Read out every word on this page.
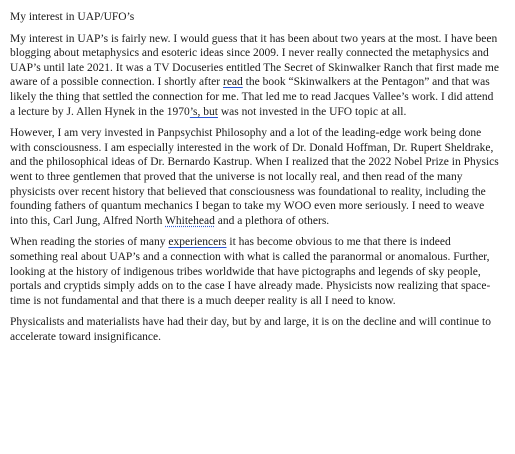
My interest in UAP/UFO’s

My interest in UAP’s is fairly new. I would guess that it has been about two years at the most. I have been blogging about metaphysics and esoteric ideas since 2009. I never really connected the metaphysics and UAP’s until late 2021. It was a TV Docuseries entitled The Secret of Skinwalker Ranch that first made me aware of a possible connection. I shortly after read the book “Skinwalkers at the Pentagon” and that was likely the thing that settled the connection for me. That led me to read Jacques Vallee’s work. I did attend a lecture by J. Allen Hynek in the 1970’s, but was not invested in the UFO topic at all.

However, I am very invested in Panpsychist Philosophy and a lot of the leading-edge work being done with consciousness. I am especially interested in the work of Dr. Donald Hoffman, Dr. Rupert Sheldrake, and the philosophical ideas of Dr. Bernardo Kastrup. When I realized that the 2022 Nobel Prize in Physics went to three gentlemen that proved that the universe is not locally real, and then read of the many physicists over recent history that believed that consciousness was foundational to reality, including the founding fathers of quantum mechanics I began to take my WOO even more seriously. I need to weave into this, Carl Jung, Alfred North Whitehead and a plethora of others.

When reading the stories of many experiencers it has become obvious to me that there is indeed something real about UAP’s and a connection with what is called the paranormal or anomalous. Further, looking at the history of indigenous tribes worldwide that have pictographs and legends of sky people, portals and cryptids simply adds on to the case I have already made. Physicists now realizing that space-time is not fundamental and that there is a much deeper reality is all I need to know.

Physicalists and materialists have had their day, but by and large, it is on the decline and will continue to accelerate toward insignificance.
